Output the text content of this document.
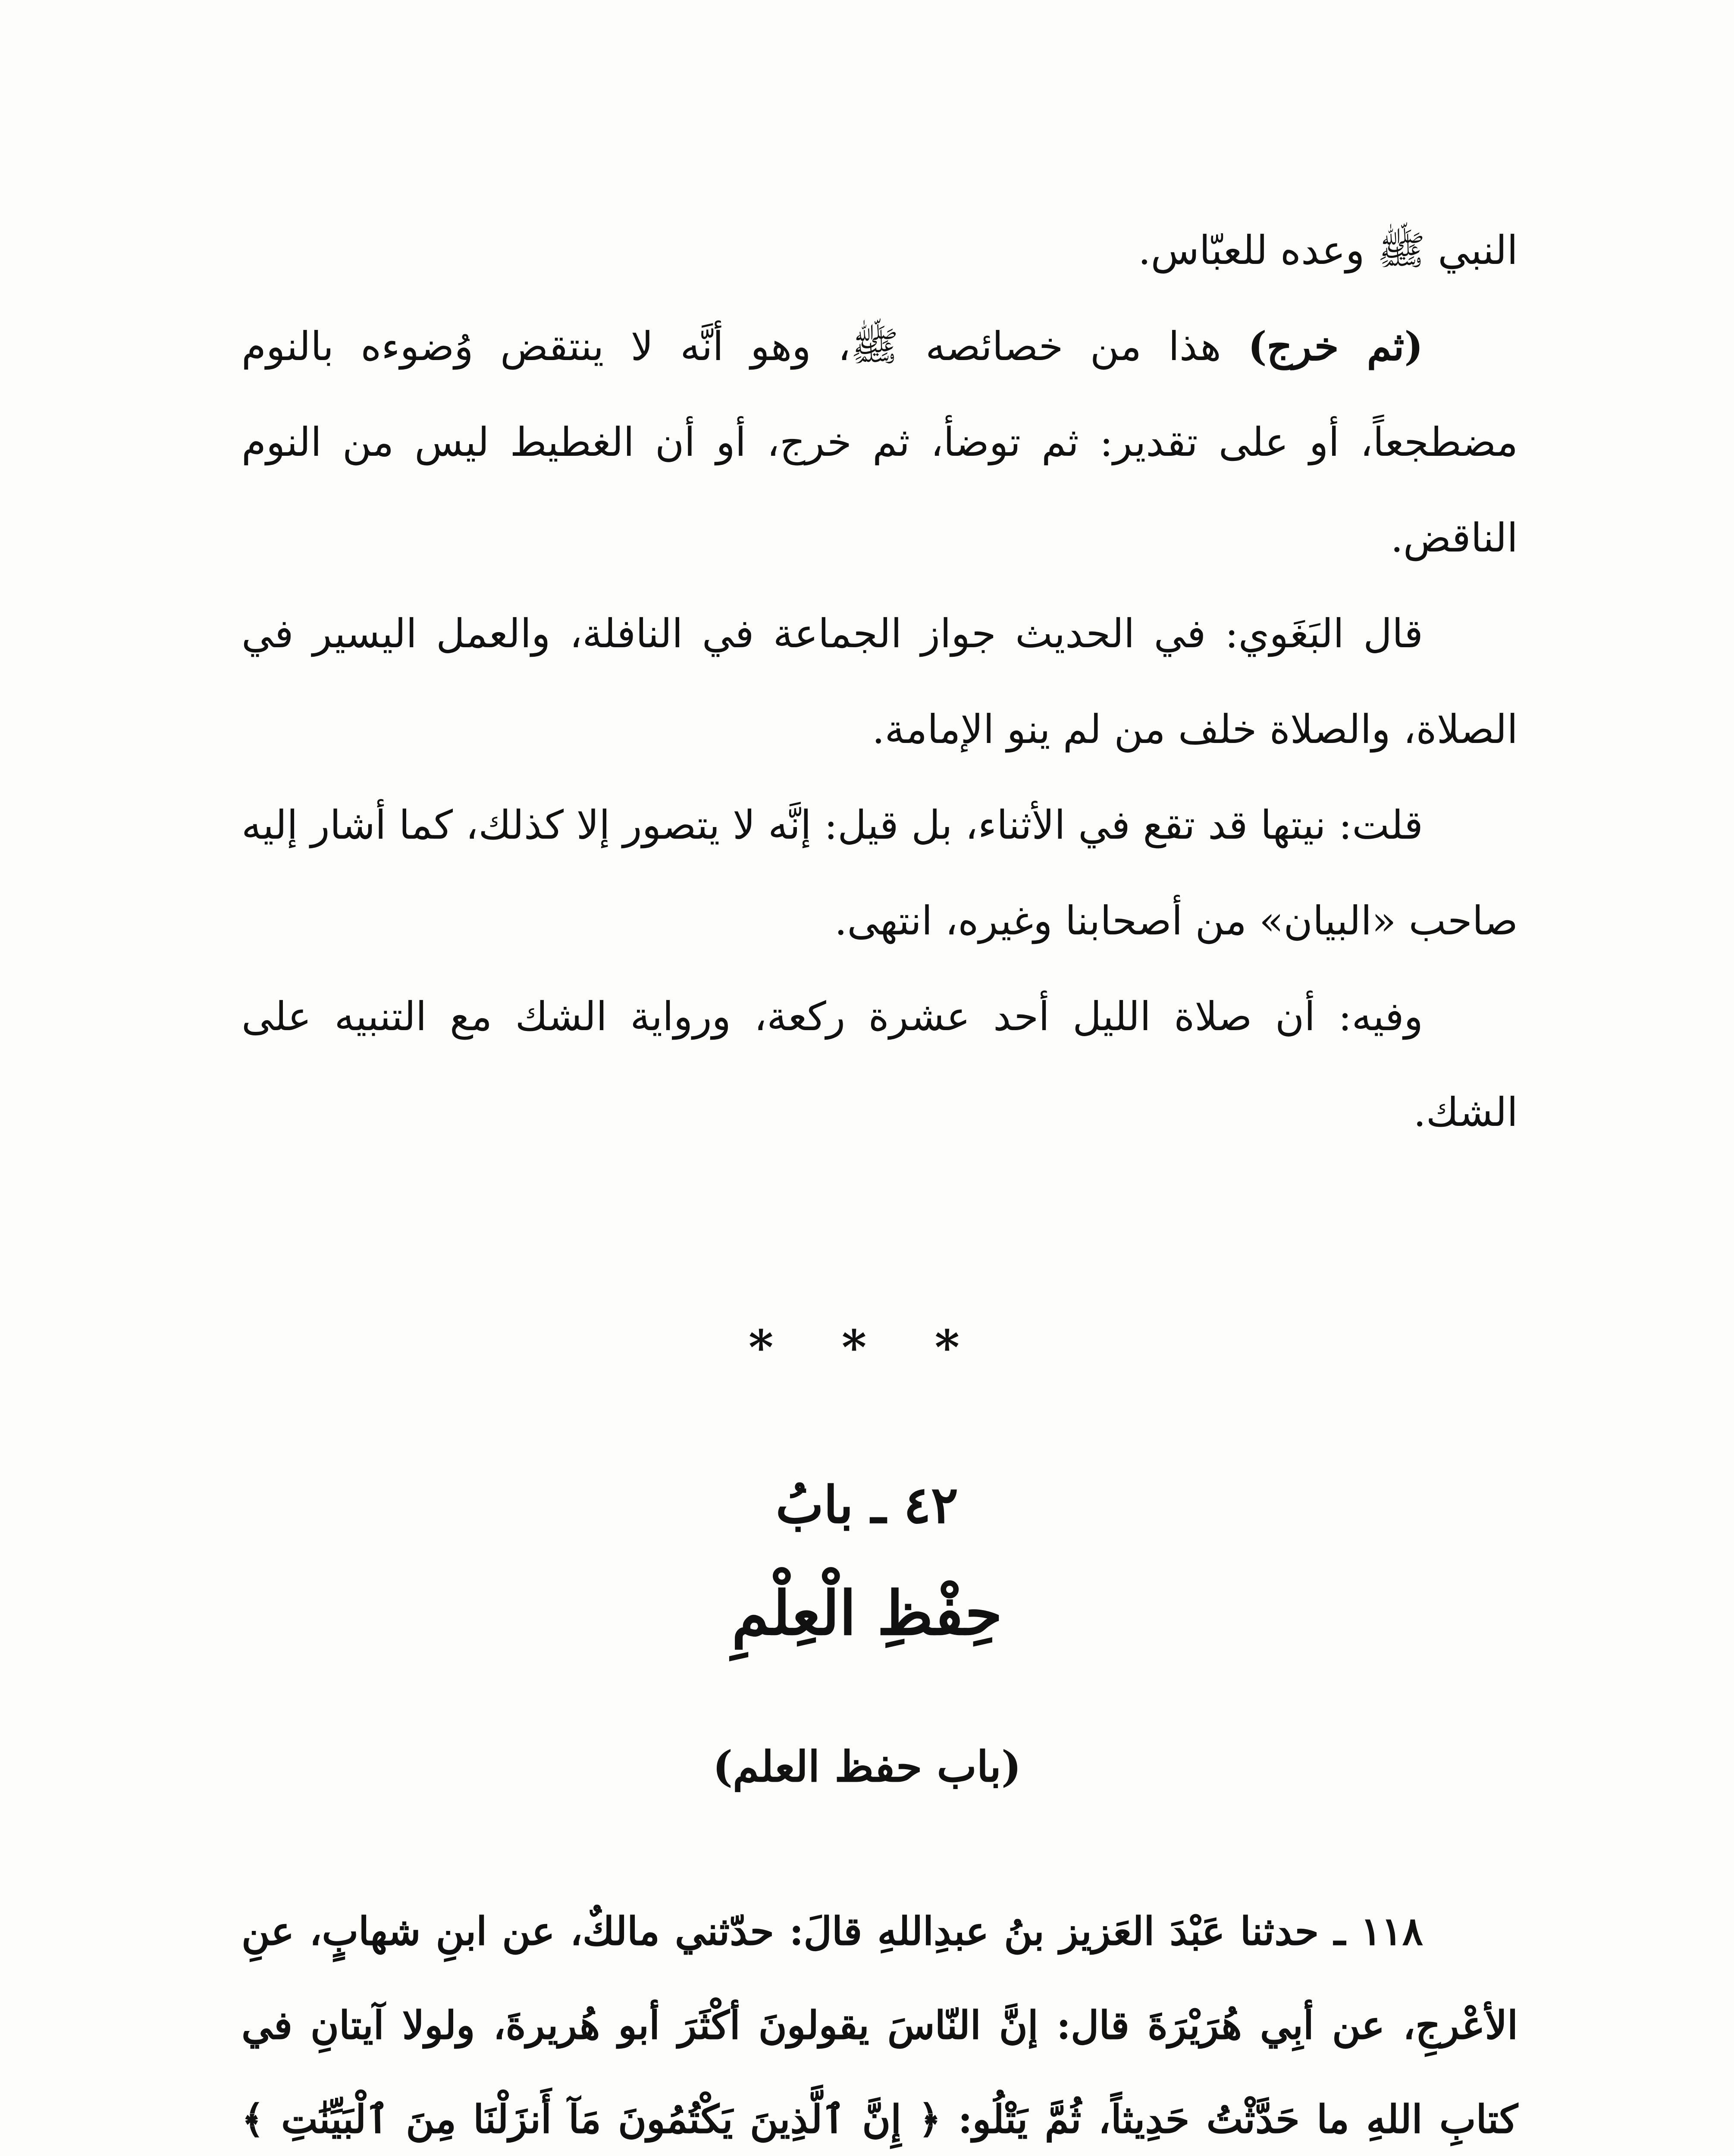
النبي ﷺ وعده للعبّاس.

(ثم خرج) هذا من خصائصه ﷺ، وهو أنَّه لا ينتقض وُضوءه بالنوم مضطجعاً، أو على تقدير: ثم توضأ، ثم خرج، أو أن الغطيط ليس من النوم الناقض.

قال البَغَوي: في الحديث جواز الجماعة في النافلة، والعمل اليسير في الصلاة، والصلاة خلف من لم ينو الإمامة.

قلت: نيتها قد تقع في الأثناء، بل قيل: إنَّه لا يتصور إلا كذلك، كما أشار إليه صاحب «البيان» من أصحابنا وغيره، انتهى.

وفيه: أن صلاة الليل أحد عشرة ركعة، ورواية الشك مع التنبيه على الشك.

* * *
٤٢ ـ بابُ
حِفْظِ الْعِلْمِ
(باب حفظ العلم)

١١٨ ـ حدثنا عَبْدَ العَزيز بنُ عبدِاللهِ قالَ: حدّثني مالكٌ، عن ابنِ شهابٍ، عنِ الأعْرجِ، عن أبِي هُرَيْرَةَ قال: إنَّ النّاسَ يقولونَ أكْثَرَ أبو هُريرةَ، ولولا آيتانِ في كتابِ اللهِ ما حَدَّثْتُ حَدِيثاً، ثُمَّ يَتْلُو: ﴿ إِنَّ ٱلَّذِينَ يَكْتُمُونَ مَآ أَنزَلْنَا مِنَ ٱلْبَيِّنَٰتِ ﴾
